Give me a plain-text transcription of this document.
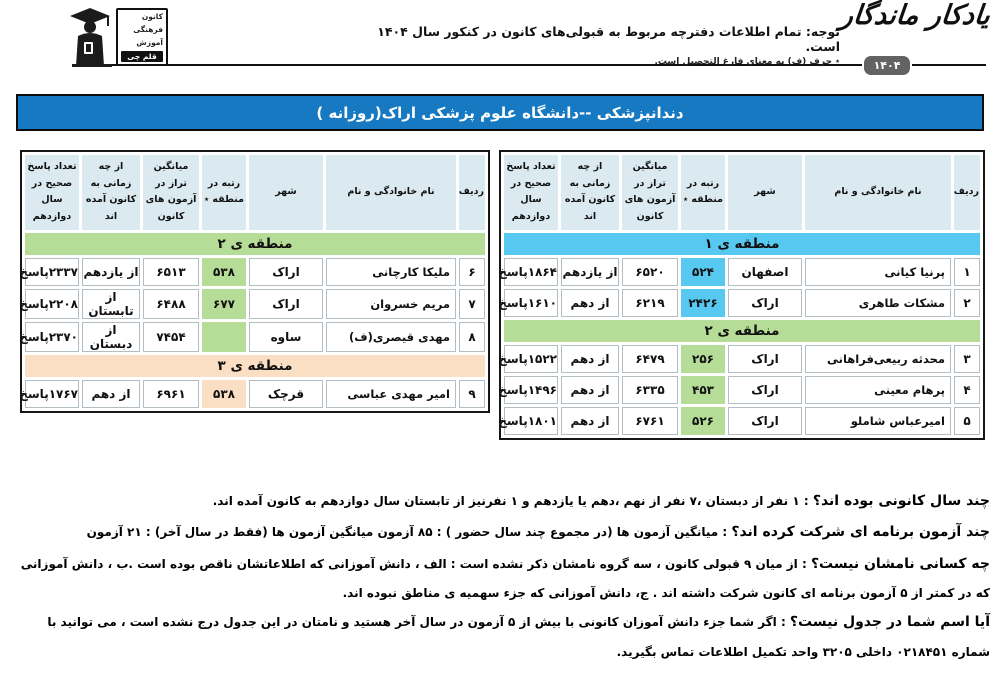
کانون
فرهنگی
آموزش
قلم چی
توجه: تمام اطلاعات دفترچه مربوط به قبولی‌های کانون در کنکور سال ۱۴۰۴ است.
٭ حرف (ف) به معنای فارغ التحصیل است.
یادکار ماندگار
۱۴۰۴
دندانپزشکی --دانشگاه علوم پزشکی اراک(روزانه )
ردیف	نام خانوادگی و نام	شهر	رتبه در منطقه ٭	میانگین تراز در آزمون های کانون	از چه زمانی به کانون آمده اند	تعداد پاسخ صحیح در سال دوازدهم
منطقه ی ۱						
۱	پرنیا کیانی	اصفهان	۵۲۴	۶۵۲۰	از یازدهم	۱۸۶۴پاسخ
۲	مشکات طاهری	اراک	۲۴۲۶	۶۲۱۹	از دهم	۱۶۱۰پاسخ
منطقه ی ۲						
۳	محدثه ربیعی‌فراهانی	اراک	۲۵۶	۶۴۷۹	از دهم	۱۵۲۲پاسخ
۴	پرهام معینی	اراک	۴۵۳	۶۳۳۵	از دهم	۱۴۹۶پاسخ
۵	امیرعباس شاملو	اراک	۵۲۶	۶۷۶۱	از دهم	۱۸۰۱پاسخ
ردیف	نام خانوادگی و نام	شهر	رتبه در منطقه ٭	میانگین تراز در آزمون های کانون	از چه زمانی به کانون آمده اند	تعداد پاسخ صحیح در سال دوازدهم
منطقه ی ۲						
۶	ملیکا کارچانی	اراک	۵۳۸	۶۵۱۳	از یازدهم	۲۳۳۷پاسخ
۷	مریم خسروان	اراک	۶۷۷	۶۴۸۸	از تابستان	۲۲۰۸پاسخ
۸	مهدی قیصری(ف)	ساوه		۷۴۵۴	از دبستان	۲۳۷۰پاسخ
منطقه ی ۳						
۹	امیر مهدی عباسی	قرچک	۵۳۸	۶۹۶۱	از دهم	۱۷۶۷پاسخ
چند سال کانونی بوده اند؟ : ۱ نفر از دبستان ،۷ نفر از نهم ،دهم یا یازدهم و ۱ نفرنیز از تابستان سال دوازدهم به کانون آمده اند.
چند آزمون برنامه ای شرکت کرده اند؟ : میانگین آزمون ها (در مجموع چند سال حضور ) : ۸۵ آزمون میانگین آزمون ها (فقط در سال آخر) : ۲۱ آزمون
چه کسانی نامشان نیست؟ : از میان ۹ قبولی کانون ، سه گروه نامشان ذکر نشده است : الف ، دانش آموزانی که اطلاعاتشان ناقص بوده است .ب ، دانش آموزانی که در کمتر از ۵ آزمون برنامه ای کانون شرکت داشته اند . ج، دانش آموزانی که جزء سهمیه ی مناطق نبوده اند.
آیا اسم شما در جدول نیست؟ : اگر شما جزء دانش آموزان کانونی با بیش از ۵ آزمون در سال آخر هستید و نامتان در این جدول درج نشده است ، می توانید با شماره ۰۲۱۸۴۵۱ داخلی ۳۲۰۵ واحد تکمیل اطلاعات تماس بگیرید.
